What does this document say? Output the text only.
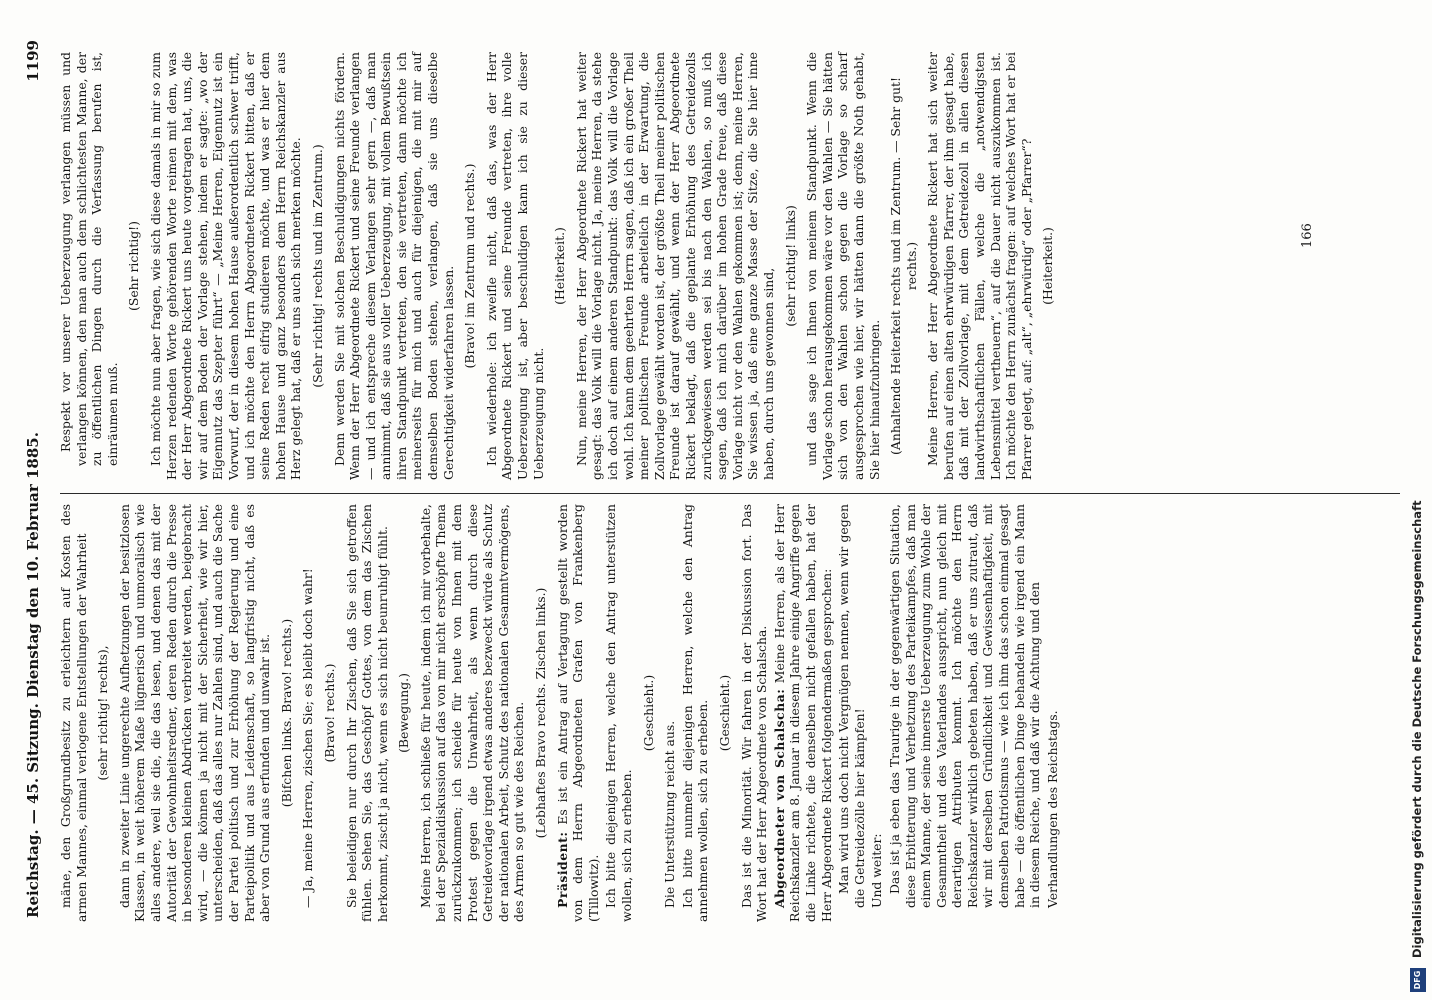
Reichstag. — 45. Sitzung. Dienstag den 10. Februar 1885.
1199

mäne, den Großgrundbesitz zu erleichtern auf Kosten des armen Mannes, einmal verlogene Entstellungen der Wahrheit (sehr richtig! rechts), dann in zweiter Linie ungerechte Aufhetzungen der besitzlosen Klassen, in weit höherem Maße lügnerisch und unmoralisch wie alles andere, weil sie die, die das lesen, und denen das mit der Autorität der Gewohnheitsredner, deren Reden durch die Presse in besonderen kleinen Abdrücken verbreitet werden, beigebracht wird, — die können ja nicht mit der Sicherheit, wie wir hier, unterscheiden, daß das alles nur Zahlen sind, und auch die Sache der Partei politisch und zur Erhöhung der Regierung und eine Parteipolitik und aus Leidenschaft, so langfristig nicht, daß es aber von Grund aus erfunden und unwahr ist. (Bifchen links. Bravo! rechts.) — Ja, meine Herren, zischen Sie; es bleibt doch wahr! (Bravo! rechts.) Sie beleidigen nur durch Ihr Zischen, daß Sie sich getroffen fühlen. Sehen Sie, das Geschöpf Gottes, von dem das Zischen herkommt, zischt ja nicht, wenn es sich nicht beunruhigt fühlt. (Bewegung.) Meine Herren, ich schließe für heute, indem ich mir vorbehalte, bei der Spezialdiskussion auf das von mir nicht erschöpfte Thema zurückzukommen; ich scheide für heute von Ihnen mit dem Protest gegen die Unwahrheit, als wenn durch diese Getreidevorlage irgend etwas anderes bezweckt würde als Schutz der nationalen Arbeit, Schutz des nationalen Gesammtvermögens, des Armen so gut wie des Reichen. (Lebhaftes Bravo rechts. Zischen links.)

Präsident: Es ist ein Antrag auf Vertagung gestellt worden von dem Herrn Abgeordneten Grafen von Frankenberg (Tillowitz). Ich bitte diejenigen Herren, welche den Antrag unterstützen wollen, sich zu erheben.

(Geschieht.)

Die Unterstützung reicht aus. Ich bitte nunmehr diejenigen Herren, welche den Antrag annehmen wollen, sich zu erheben. (Geschieht.) Das ist die Minorität. Wir fahren in der Diskussion fort. Das Wort hat der Herr Abgeordnete von Schalscha. Abgeordneter von Schalscha: Meine Herren, als der Herr Reichskanzler am 8. Januar in diesem Jahre einige Angriffe gegen die Linke richtete, die denselben nicht gefallen haben, hat der Herr Abgeordnete Rickert folgendermaßen gesprochen: Man wird uns doch nicht Vergnügen nennen, wenn wir gegen die Getreidezölle hier kämpfen! Und weiter: Das ist ja eben das Traurige in der gegenwärtigen Situation, diese Erbitterung und Verhetzung des Parteikampfes, daß man einem Manne, der seine innerste Ueberzeugung zum Wohle der Gesammtheit und des Vaterlandes ausspricht, nun gleich mit derartigen Attributen kommt. Ich möchte den Herrn Reichskanzler wirklich gebeten haben, daß er uns zutraut, daß wir mit derselben Gründlichkeit und Gewissenhaftigkeit, mit demselben Patriotismus — wie ich ihm das schon einmal gesagt habe — die öffentlichen Dinge behandeln wie irgend ein Mann in diesem Reiche, und daß wir die Achtung und den Verhandlungen des Reichstags.

Respekt vor unserer Ueberzeugung verlangen müssen und verlangen können, den man auch dem schlichtesten Manne, der zu öffentlichen Dingen durch die Verfassung berufen ist, einräumen muß.

(Sehr richtig!) Ich möchte nun aber fragen, wie sich diese damals in mir so zum Herzen redenden Worte gehörenden Worte reimen mit dem, was der Herr Abgeordnete Rickert uns heute vorgetragen hat, uns, die wir auf dem Boden der Vorlage stehen, indem er sagte: „wo der Eigennutz das Szepter führt“ — „Meine Herren, Eigennutz ist ein Vorwurf, der in diesem hohen Hause außerordentlich schwer trifft, und ich möchte den Herrn Abgeordneten Rickert bitten, daß er seine Reden recht eifrig studieren möchte, und was er hier dem hohen Hause und ganz besonders dem Herrn Reichskanzler aus Herz gelegt hat, daß er uns auch sich merken möchte. (Sehr richtig! rechts und im Zentrum.) Denn werden Sie mit solchen Beschuldigungen nichts fördern. Wenn der Herr Abgeordnete Rickert und seine Freunde verlangen — und ich entspreche diesem Verlangen sehr gern —, daß man annimmt, daß sie aus voller Ueberzeugung, mit vollem Bewußtsein ihren Standpunkt vertreten, den sie vertreten, dann möchte ich meinerseits für mich und auch für diejenigen, die mit mir auf demselben Boden stehen, verlangen, daß sie uns dieselbe Gerechtigkeit widerfahren lassen. (Bravo! im Zentrum und rechts.) Ich wiederhole: ich zweifle nicht, daß das, was der Herr Abgeordnete Rickert und seine Freunde vertreten, ihre volle Ueberzeugung ist, aber beschuldigen kann ich sie zu dieser Ueberzeugung nicht.

(Heiterkeit.) Nun, meine Herren, der Herr Abgeordnete Rickert hat weiter gesagt: das Volk will die Vorlage nicht. Ja, meine Herren, da stehe ich doch auf einem anderen Standpunkt: das Volk will die Vorlage wohl. Ich kann dem geehrten Herrn sagen, daß ich ein großer Theil meiner politischen Freunde arbeitelich in der Erwartung, die Zollvorlage gewählt worden ist, der größte Theil meiner politischen Freunde ist darauf gewählt, und wenn der Herr Abgeordnete Rickert beklagt, daß die geplante Erhöhung des Getreidezolls zurückgewiesen werden sei bis nach den Wahlen, so muß ich sagen, daß ich mich darüber im hohen Grade freue, daß diese Vorlage nicht vor den Wahlen gekommen ist; denn, meine Herren, Sie wissen ja, daß eine ganze Masse der Sitze, die Sie hier inne haben, durch uns gewonnen sind,

(sehr richtig! links) und das sage ich Ihnen von meinem Standpunkt. Wenn die Vorlage schon herausgekommen wäre vor den Wahlen — Sie hätten sich von den Wahlen schon gegen die Vorlage so scharf ausgesprochen wie hier, wir hätten dann die größte Noth gehabt, Sie hier hinaufzubringen. (Anhaltende Heiterkeit rechts und im Zentrum. — Sehr gut! rechts.) Meine Herren, der Herr Abgeordnete Rickert hat sich weiter berufen auf einen alten ehrwürdigen Pfarrer, der ihm gesagt habe, daß mit der Zollvorlage, mit dem Getreidezoll in allen diesen landwirthschaftlichen Fällen, welche die „notwendigsten Lebensmittel vertheuern“, auf die Dauer nicht auszukommen ist. Ich möchte den Herrn zunächst fragen: auf welches Wort hat er bei Pfarrer gelegt, auf: „alt“, „ehrwürdig“ oder „Pfarrer“? (Heiterkeit.)	166
DFG Digitalisierung gefördert durch die Deutsche Forschungsgemeinschaft
